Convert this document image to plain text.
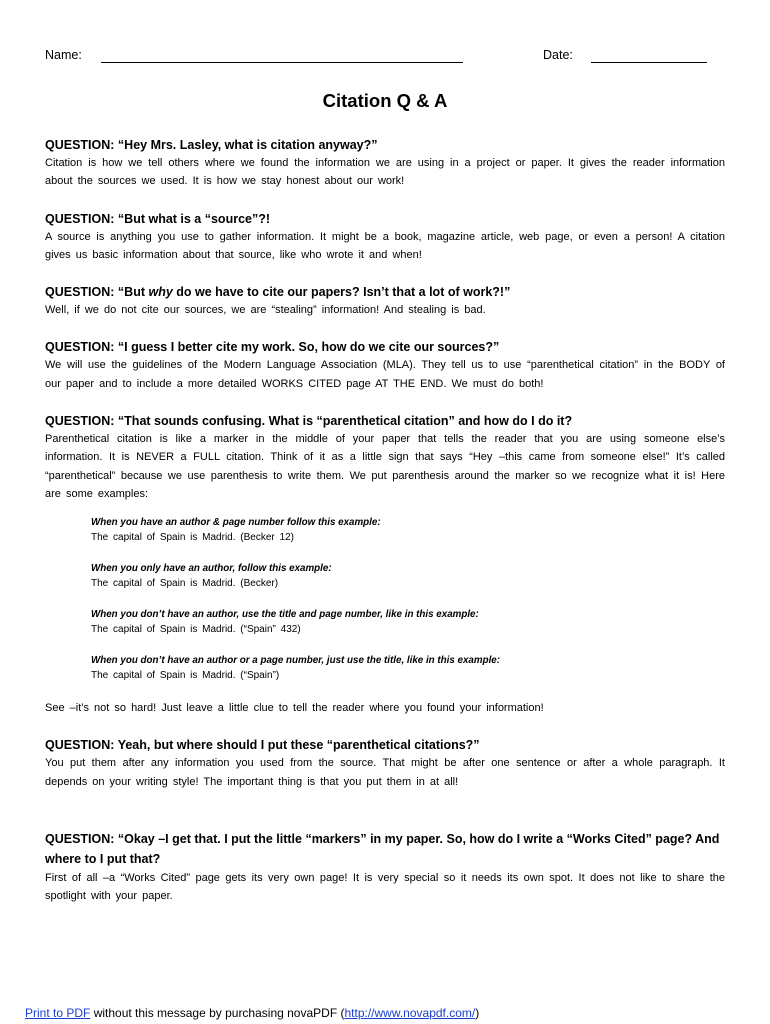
Name:	Date:
Citation Q & A

QUESTION: “Hey Mrs. Lasley, what is citation anyway?”

Citation is how we tell others where we found the information we are using in a project or paper. It gives the reader information about the sources we used. It is how we stay honest about our work!

QUESTION: “But what is a “source”?!

A source is anything you use to gather information. It might be a book, magazine article, web page, or even a person! A citation gives us basic information about that source, like who wrote it and when!

QUESTION: “But why do we have to cite our papers? Isn’t that a lot of work?!”

Well, if we do not cite our sources, we are “stealing” information! And stealing is bad.

QUESTION: “I guess I better cite my work. So, how do we cite our sources?”

We will use the guidelines of the Modern Language Association (MLA). They tell us to use “parenthetical citation” in the BODY of our paper and to include a more detailed WORKS CITED page AT THE END. We must do both!

QUESTION: “That sounds confusing. What is “parenthetical citation” and how do I do it?

Parenthetical citation is like a marker in the middle of your paper that tells the reader that you are using someone else’s information. It is NEVER a FULL citation. Think of it as a little sign that says “Hey –this came from someone else!” It’s called “parenthetical” because we use parenthesis to write them. We put parenthesis around the marker so we recognize what it is! Here are some examples:

When you have an author & page number follow this example:

The capital of Spain is Madrid. (Becker 12)

When you only have an author, follow this example:

The capital of Spain is Madrid. (Becker)

When you don’t have an author, use the title and page number, like in this example:

The capital of Spain is Madrid. (“Spain” 432)

When you don’t have an author or a page number, just use the title, like in this example:

The capital of Spain is Madrid. (“Spain”)

See –it’s not so hard! Just leave a little clue to tell the reader where you found your information!

QUESTION: Yeah, but where should I put these “parenthetical citations?”

You put them after any information you used from the source. That might be after one sentence or after a whole paragraph. It depends on your writing style! The important thing is that you put them in at all!

QUESTION: “Okay –I get that. I put the little “markers” in my paper. So, how do I write a “Works Cited” page? And where to I put that?

First of all –a “Works Cited” page gets its very own page! It is very special so it needs its own spot. It does not like to share the spotlight with your paper.

Print to PDF without this message by purchasing novaPDF (http://www.novapdf.com/)
